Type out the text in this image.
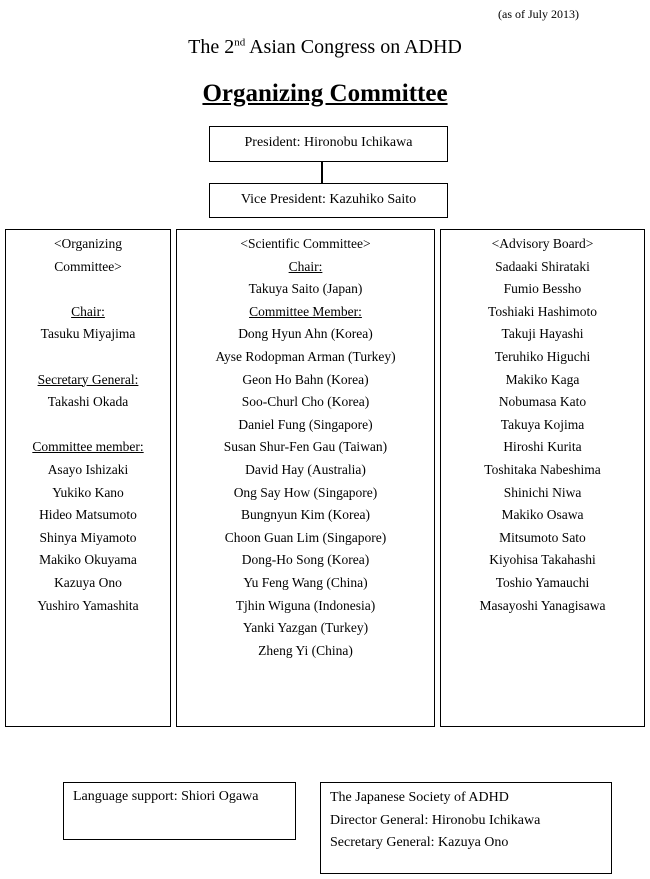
(as of July 2013)
The 2nd Asian Congress on ADHD
Organizing Committee
President: Hironobu Ichikawa
Vice President: Kazuhiko Saito
<Organizing
Committee>
Chair:
Tasuku Miyajima
Secretary General:
Takashi Okada
Committee member:
Asayo Ishizaki
Yukiko Kano
Hideo Matsumoto
Shinya Miyamoto
Makiko Okuyama
Kazuya Ono
Yushiro Yamashita
<Scientific Committee>
Chair:
Takuya Saito (Japan)
Committee Member:
Dong Hyun Ahn (Korea)
Ayse Rodopman Arman (Turkey)
Geon Ho Bahn (Korea)
Soo-Churl Cho (Korea)
Daniel Fung (Singapore)
Susan Shur-Fen Gau (Taiwan)
David Hay (Australia)
Ong Say How (Singapore)
Bungnyun Kim (Korea)
Choon Guan Lim (Singapore)
Dong-Ho Song (Korea)
Yu Feng Wang (China)
Tjhin Wiguna (Indonesia)
Yanki Yazgan (Turkey)
Zheng Yi (China)
<Advisory Board>
Sadaaki Shirataki
Fumio Bessho
Toshiaki Hashimoto
Takuji Hayashi
Teruhiko Higuchi
Makiko Kaga
Nobumasa Kato
Takuya Kojima
Hiroshi Kurita
Toshitaka Nabeshima
Shinichi Niwa
Makiko Osawa
Mitsumoto Sato
Kiyohisa Takahashi
Toshio Yamauchi
Masayoshi Yanagisawa
Language support: Shiori Ogawa	The Japanese Society of ADHD
Director General: Hironobu Ichikawa
Secretary General: Kazuya Ono
